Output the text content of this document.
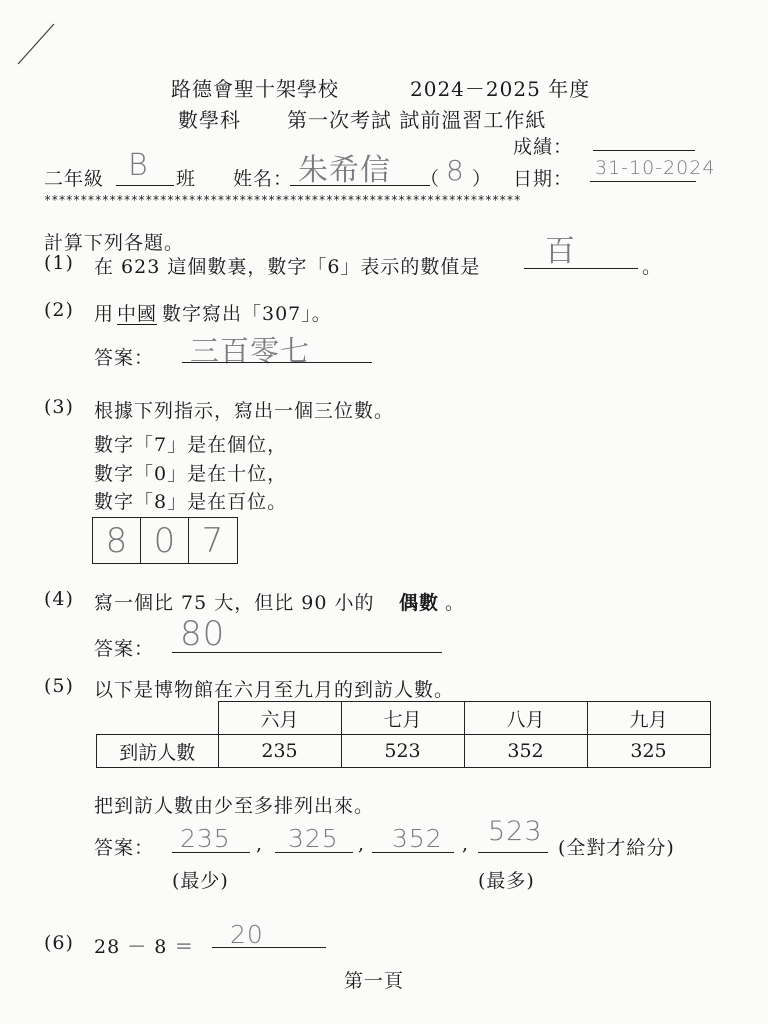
路德會聖十架學校	2024－2025 年度
數學科 第一次考試 試前溫習工作紙
成績：
二年級 B 班 姓名： 朱希信 （ 8 ） 日期： 31-10-2024
******************************************************************
計算下列各題。
(1) 在 623 這個數裏，數字「6」表示的數值是 百	。
(2) 用 中國 數字寫出「307」。
答案： 三百零七
(3) 根據下列指示，寫出一個三位數。
數字「7」是在個位，
數字「0」是在十位，
數字「8」是在百位。
8 0 7
(4) 寫一個比 75 大，但比 90 小的 偶數 。
答案： 80
(5) 以下是博物館在六月至九月的到訪人數。
	六月	七月	八月	九月
到訪人數	235	523	352	325
把到訪人數由少至多排列出來。
答案： 235 , 325 , 352 , 523
(全對才給分)
(最少)	(最多)
(6) 28 － 8 ＝ 20
第一頁
